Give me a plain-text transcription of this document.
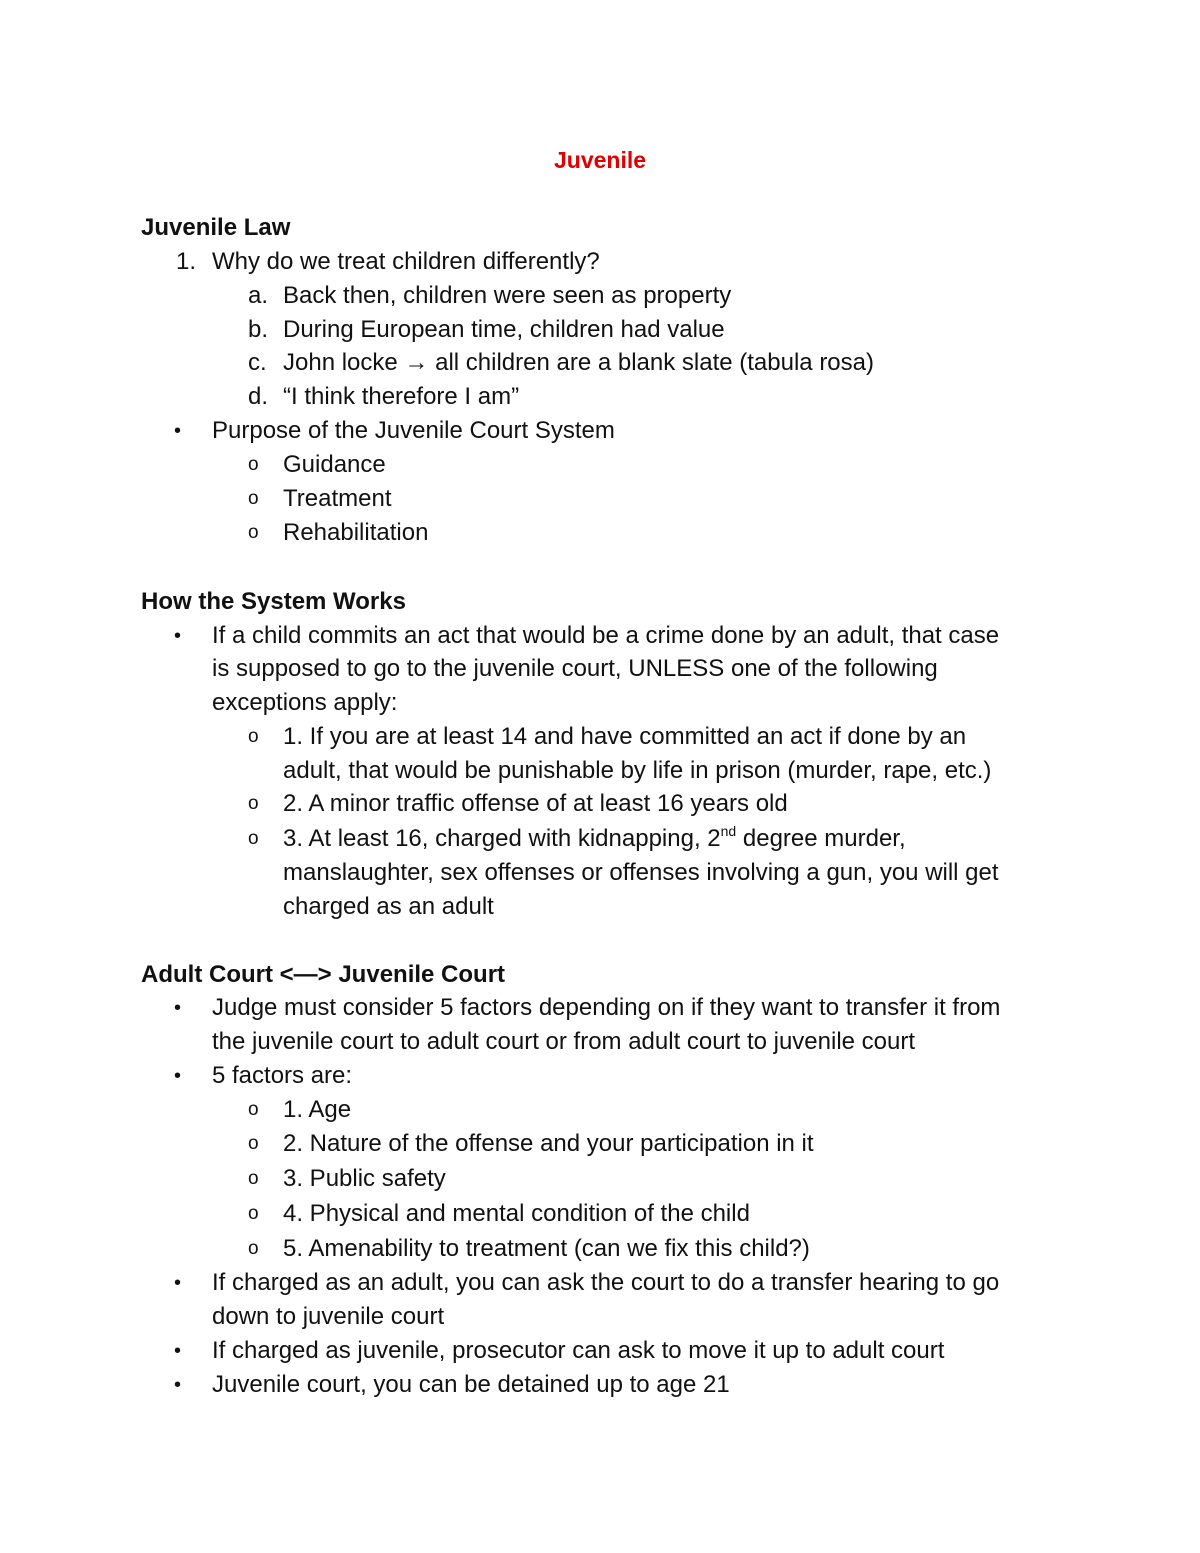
Juvenile
Juvenile Law
1. Why do we treat children differently?
a. Back then, children were seen as property
b. During European time, children had value
c. John locke → all children are a blank slate (tabula rosa)
d. “I think therefore I am”
• Purpose of the Juvenile Court System
o Guidance
o Treatment
o Rehabilitation
How the System Works
• If a child commits an act that would be a crime done by an adult, that case
is supposed to go to the juvenile court, UNLESS one of the following
exceptions apply:
o 1. If you are at least 14 and have committed an act if done by an
adult, that would be punishable by life in prison (murder, rape, etc.)
o 2. A minor traffic offense of at least 16 years old
o 3. At least 16, charged with kidnapping, 2nd degree murder,
manslaughter, sex offenses or offenses involving a gun, you will get
charged as an adult
Adult Court <—> Juvenile Court
• Judge must consider 5 factors depending on if they want to transfer it from
the juvenile court to adult court or from adult court to juvenile court
• 5 factors are:
o 1. Age
o 2. Nature of the offense and your participation in it
o 3. Public safety
o 4. Physical and mental condition of the child
o 5. Amenability to treatment (can we fix this child?)
• If charged as an adult, you can ask the court to do a transfer hearing to go
down to juvenile court
• If charged as juvenile, prosecutor can ask to move it up to adult court
• Juvenile court, you can be detained up to age 21
